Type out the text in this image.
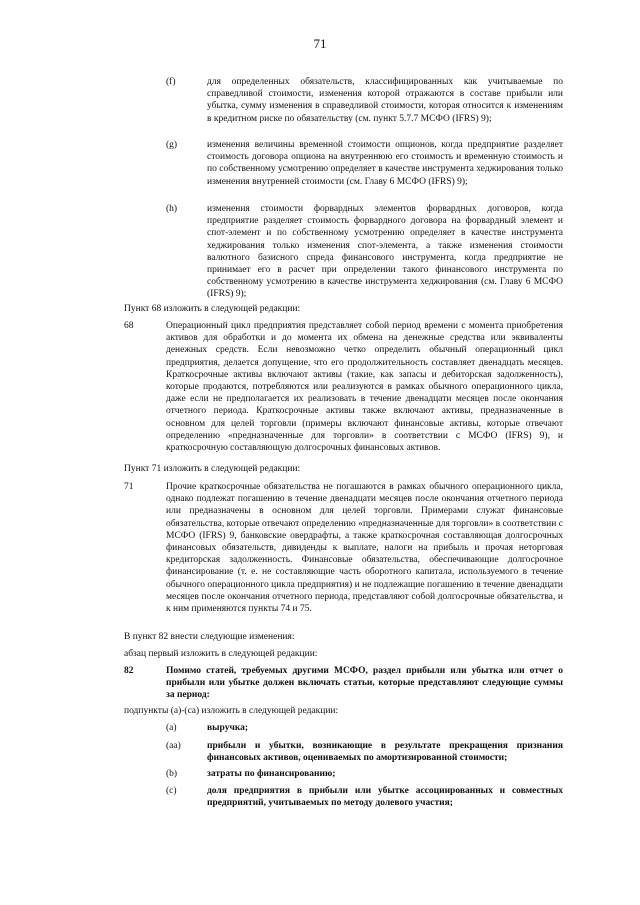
71
(f)	для определенных обязательств, классифицированных как учитываемые по справедливой стоимости, изменения которой отражаются в составе прибыли или убытка, сумму изменения в справедливой стоимости, которая относится к изменениям в кредитном риске по обязательству (см. пункт 5.7.7 МСФО (IFRS) 9);
(g)	изменения величины временной стоимости опционов, когда предприятие разделяет стоимость договора опциона на внутреннюю его стоимость и временную стоимость и по собственному усмотрению определяет в качестве инструмента хеджирования только изменения внутренней стоимости (см. Главу 6 МСФО (IFRS) 9);
(h)	изменения стоимости форвардных элементов форвардных договоров, когда предприятие разделяет стоимость форвардного договора на форвардный элемент и спот-элемент и по собственному усмотрению определяет в качестве инструмента хеджирования только изменения спот-элемента, а также изменения стоимости валютного базисного спреда финансового инструмента, когда предприятие не принимает его в расчет при определении такого финансового инструмента по собственному усмотрению в качестве инструмента хеджирования (см. Главу 6 МСФО (IFRS) 9);
Пункт 68 изложить в следующей редакции:
68	Операционный цикл предприятия представляет собой период времени с момента приобретения активов для обработки и до момента их обмена на денежные средства или эквиваленты денежных средств. Если невозможно четко определить обычный операционный цикл предприятия, делается допущение, что его продолжительность составляет двенадцать месяцев. Краткосрочные активы включают активы (такие, как запасы и дебиторская задолженность), которые продаются, потребляются или реализуются в рамках обычного операционного цикла, даже если не предполагается их реализовать в течение двенадцати месяцев после окончания отчетного периода. Краткосрочные активы также включают активы, предназначенные в основном для целей торговли (примеры включают финансовые активы, которые отвечают определению «предназначенные для торговли» в соответствии с МСФО (IFRS) 9), и краткосрочную составляющую долгосрочных финансовых активов.
Пункт 71 изложить в следующей редакции:
71	Прочие краткосрочные обязательства не погашаются в рамках обычного операционного цикла, однако подлежат погашению в течение двенадцати месяцев после окончания отчетного периода или предназначены в основном для целей торговли. Примерами служат финансовые обязательства, которые отвечают определению «предназначенные для торговли» в соответствии с МСФО (IFRS) 9, банковские овердрафты, а также краткосрочная составляющая долгосрочных финансовых обязательств, дивиденды к выплате, налоги на прибыль и прочая неторговая кредиторская задолженность. Финансовые обязательства, обеспечивающие долгосрочное финансирование (т. е. не составляющие часть оборотного капитала, используемого в течение обычного операционного цикла предприятия) и не подлежащие погашению в течение двенадцати месяцев после окончания отчетного периода, представляют собой долгосрочные обязательства, и к ним применяются пункты 74 и 75.
В пункт 82 внести следующие изменения:
абзац первый изложить в следующей редакции:
82	Помимо статей, требуемых другими МСФО, раздел прибыли или убытка или отчет о прибыли или убытке должен включать статьи, которые представляют следующие суммы за период:
подпункты (a)-(ca) изложить в следующей редакции:
(a)	выручка;
(aa)	прибыли и убытки, возникающие в результате прекращения признания финансовых активов, оцениваемых по амортизированной стоимости;
(b)	затраты по финансированию;
(c)	доля предприятия в прибыли или убытке ассоциированных и совместных предприятий, учитываемых по методу долевого участия;
